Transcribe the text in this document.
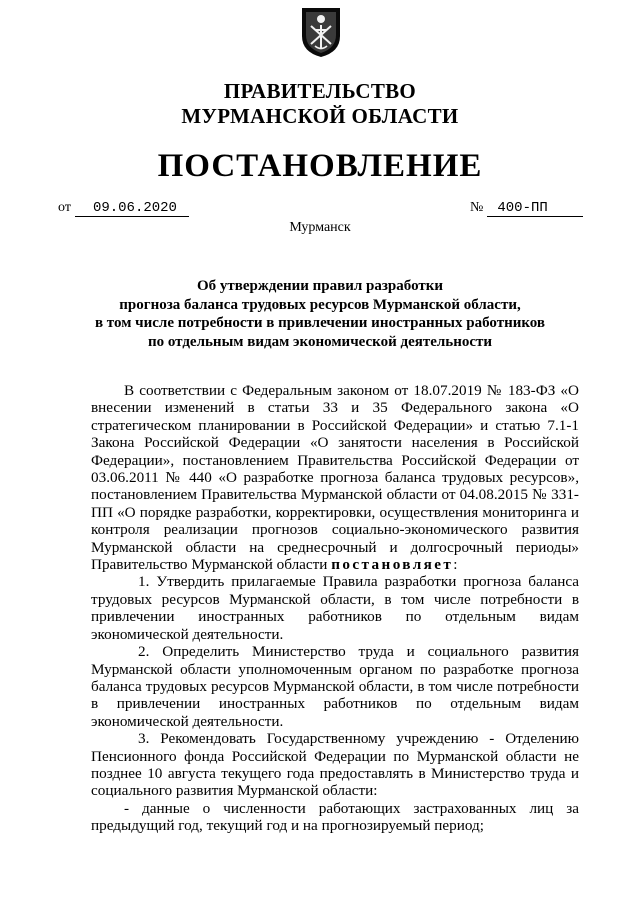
ПРАВИТЕЛЬСТВО
МУРМАНСКОЙ ОБЛАСТИ
ПОСТАНОВЛЕНИЕ
от 09.06.2020	№ 400-ПП
Мурманск
Об утверждении правил разработки
прогноза баланса трудовых ресурсов Мурманской области,
в том числе потребности в привлечении иностранных работников
по отдельным видам экономической деятельности

В соответствии с Федеральным законом от 18.07.2019 № 183-ФЗ «О внесении изменений в статьи 33 и 35 Федерального закона «О стратегическом планировании в Российской Федерации» и статью 7.1-1 Закона Российской Федерации «О занятости населения в Российской Федерации», постановлением Правительства Российской Федерации от 03.06.2011 № 440 «О разработке прогноза баланса трудовых ресурсов», постановлением Правительства Мурманской области от 04.08.2015 № 331-ПП «О порядке разработки, корректировки, осуществления мониторинга и контроля реализации прогнозов социально-экономического развития Мурманской области на среднесрочный и долгосрочный периоды» Правительство Мурманской области постановляет:

1. Утвердить прилагаемые Правила разработки прогноза баланса трудовых ресурсов Мурманской области, в том числе потребности в привлечении иностранных работников по отдельным видам экономической деятельности.

2. Определить Министерство труда и социального развития Мурманской области уполномоченным органом по разработке прогноза баланса трудовых ресурсов Мурманской области, в том числе потребности в привлечении иностранных работников по отдельным видам экономической деятельности.

3. Рекомендовать Государственному учреждению - Отделению Пенсионного фонда Российской Федерации по Мурманской области не позднее 10 августа текущего года предоставлять в Министерство труда и социального развития Мурманской области:

- данные о численности работающих застрахованных лиц за предыдущий год, текущий год и на прогнозируемый период;
